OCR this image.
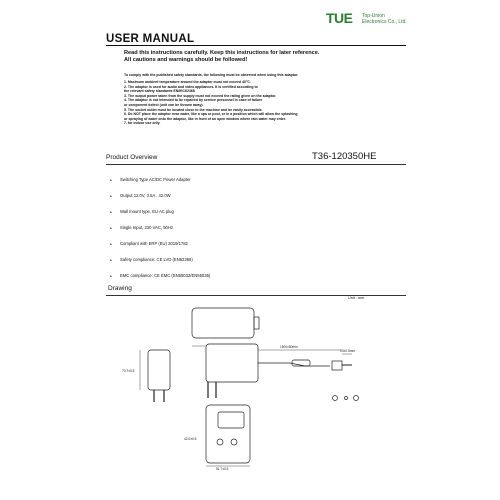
TUE Top-Union
Electronics Co., Ltd.
USER MANUAL
Read this instructions carefully. Keep this instructions for later reference.
All cautions and warnings should be followed!
To comply with the published safety standards, the following must be observed when using this adaptor.
1. Maximum ambient temperature around the adaptor must not exceed 40°C.
2. The adaptor is used for audio and video appliances. It is certified according to
the relevant safety standards EN/IEC62368
3. The output power taken from the supply must not exceed the rating given on the adaptor.
4. The adaptor is not intended to be repaired by service personnel in case of failure
or component defect (unit can be thrown away).
5. The socket outlet must be located close to the machine and be easily accessible.
6. Do NOT place the adaptor near water, like a spa or pool, or in a position which will allow the splashing
or spraying of water onto the adaptor, like in front of an open window where rain water may enter.
7. for indoor use only.
Product Overview	T36-120350HE
• Switching Type AC/DC Power Adapter
• Output 12.0V, 3.5A , 42.0W
• Wall mount type, EU AC plug
• Single Input, 230 VAC, 50Hz
• Compliant with ERP (EU) 2019/1782
• Safety compliance: CE LVD (EN62368)
• EMC compliance: CE EMC (EN55032/EN55035)
Drawing
Unit : mm
1500±50mm
10±0.5mm
70.7±0.5
51.7±0.5
42.0±0.5
